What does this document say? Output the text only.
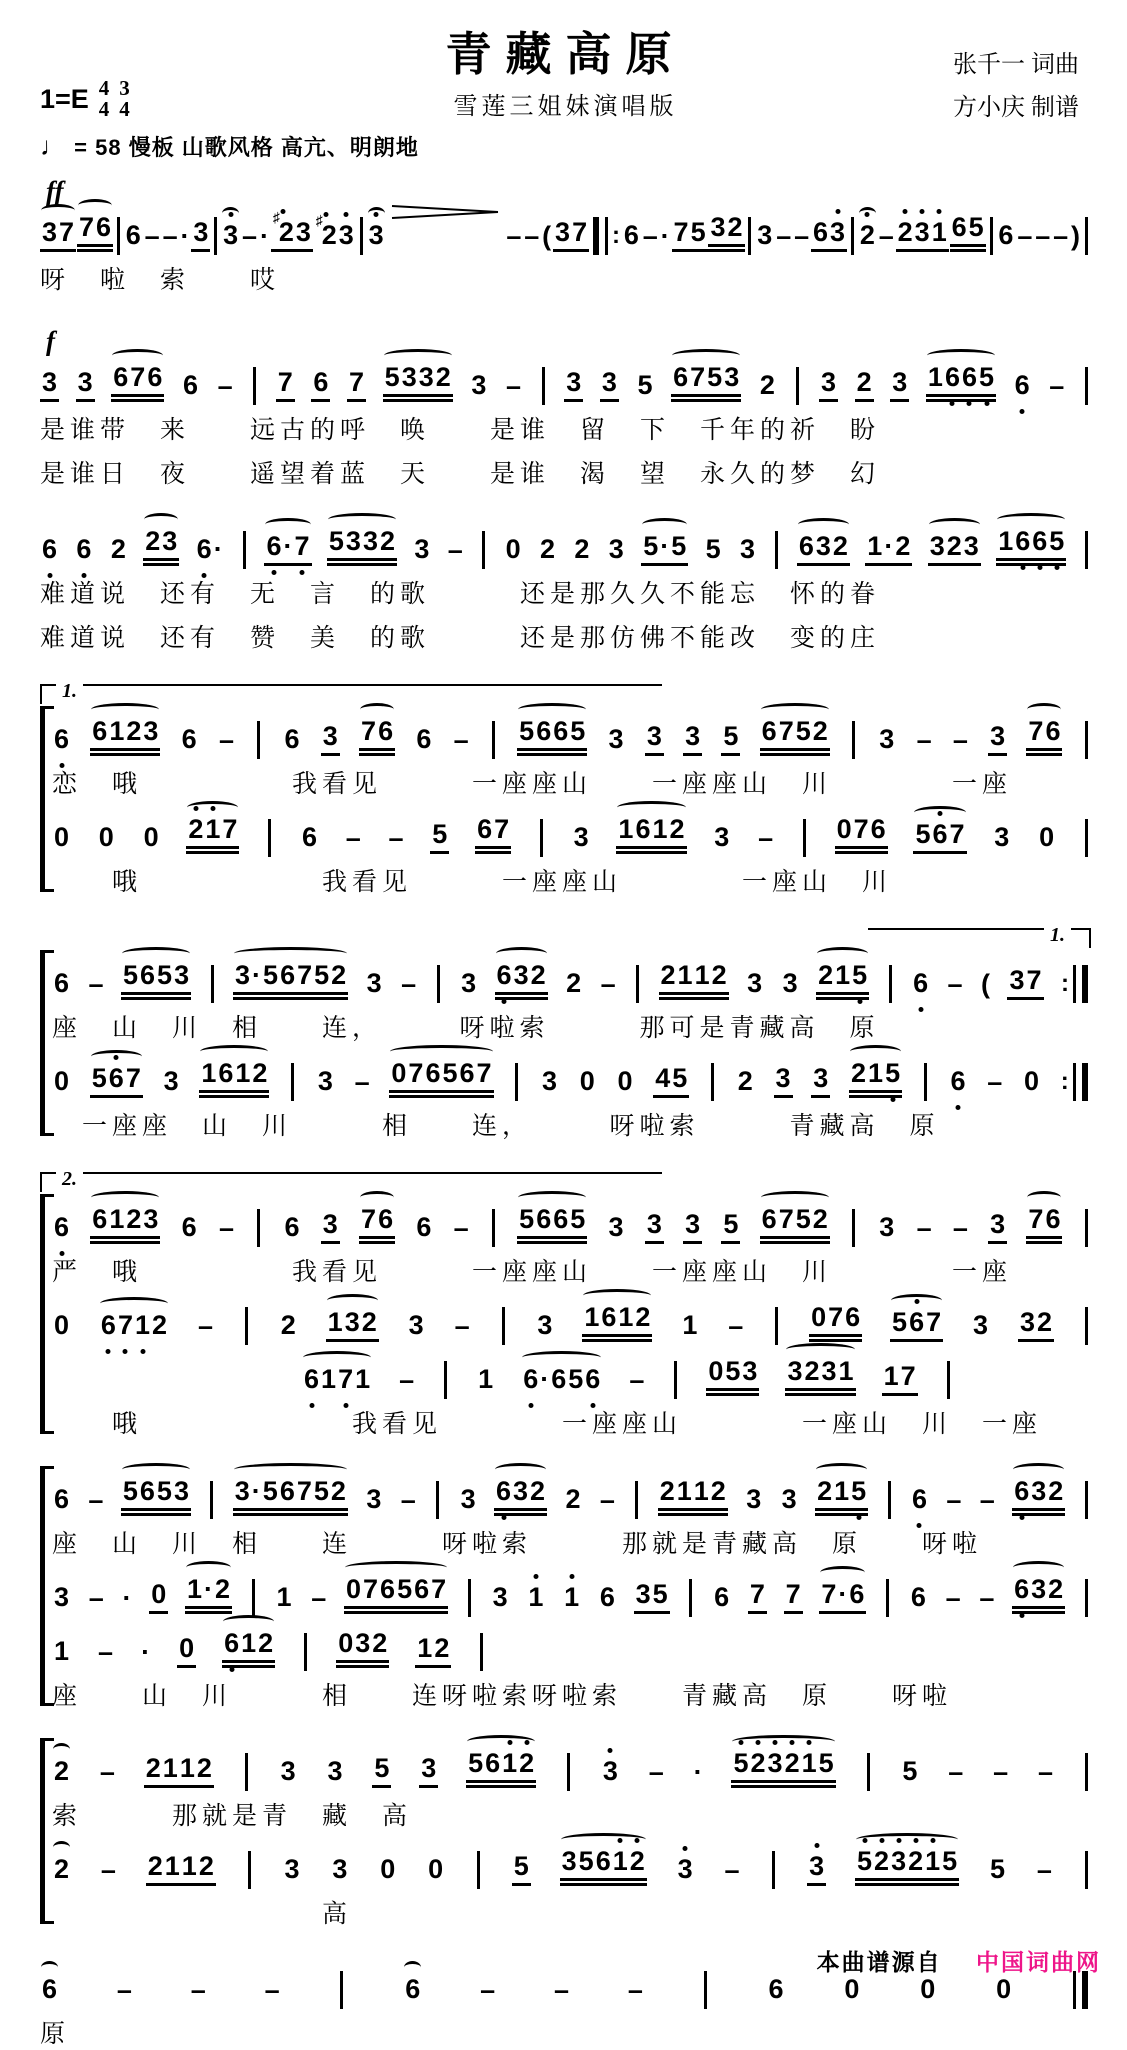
青藏高原	张千一 词曲
方小庆 制谱
1=E 4
4
3
4	雪莲三姐妹演唱版
♩ = 58 慢板 山歌风格 高亢、明朗地
ff
37 76 6 – – · 3 3 – ·
♯23 ♯23 3	– – ( 37 : 6 – · 75 32 3 – – 63 2 – 231 65 6 – – – )
呀　啦　索　　哎
f
3 3 676 6 – 7 6 7 5332 3 – 3 3 5 6753 2 3 2 3 1665 6 –
是谁带　来　　远古的呼　唤　　是谁　留　下　千年的祈　盼
是谁日　夜　　遥望着蓝　天　　是谁　渴　望　永久的梦　幻
6 6 2 23 6· 6·7 5332 3 – 0 2 2 3 5·5 5 3 632 1·2 323 1665
难道说　还有　无　言　的歌　　　还是那久久不能忘　怀的眷
难道说　还有　赞　美　的歌　　　还是那仿佛不能改　变的庄
1.
6 6123 6 – 6 3 76 6 – 5665 3 3 3 5 6752 3 – – 3 76
恋　哦　　　　　我看见　　　一座座山　　一座座山　川　　　　一座
0 0 0 217 6 – – 5 67 3 1612 3 – 076 567 3 0
　　哦　　　　　　我看见　　　一座座山　　　　一座山　川
1.
6 – 5653 3·56752 3 – 3 632 2 – 2112 3 3 215 6 – ( 37 :
座　山　川　相　　连，　　　呀啦索　　　那可是青藏高　原
0 567 3 1612 3 – 076567 3 0 0 45 2 3 3 215 6 – 0 :
　一座座　山　川　　　相　　连，　　　呀啦索　　　青藏高　原
2.
6 6123 6 – 6 3 76 6 – 5665 3 3 3 5 6752 3 – – 3 76
严　哦　　　　　我看见　　　一座座山　　一座座山　川　　　　一座
0 6712 –	2 132 3 –	3 1612 1 –	076 567 3 32
6171 – 1 6·656 – 053 3231 17
　　哦　　　　　　　我看见　　　　一座座山　　　　一座山　川　一座
6 – 5653 3·56752 3 – 3 632 2 – 2112 3 3 215 6 – – 632
座　山　川　相　　连　　　呀啦索　　　那就是青藏高　原　　呀啦
3 – · 0 1·2 1 – 076567 3 1 1 6 35 6 7 7 7·6 6 – – 632
1 – · 0 612 032 12
座　　山　川　　　相　　连呀啦索呀啦索　　青藏高　原　　呀啦
2 – 2112	3 3 5 3 5612	3 – · 523215	5 – – –
索　　　那就是青　藏　高
2 – 2112	3 3 0 0	5 35612 3 –	3 523215 5 –
　　　　　　　　　高
6 – – –	6 – – –	6 0 0 0
原
本曲谱源自 中国词曲网
